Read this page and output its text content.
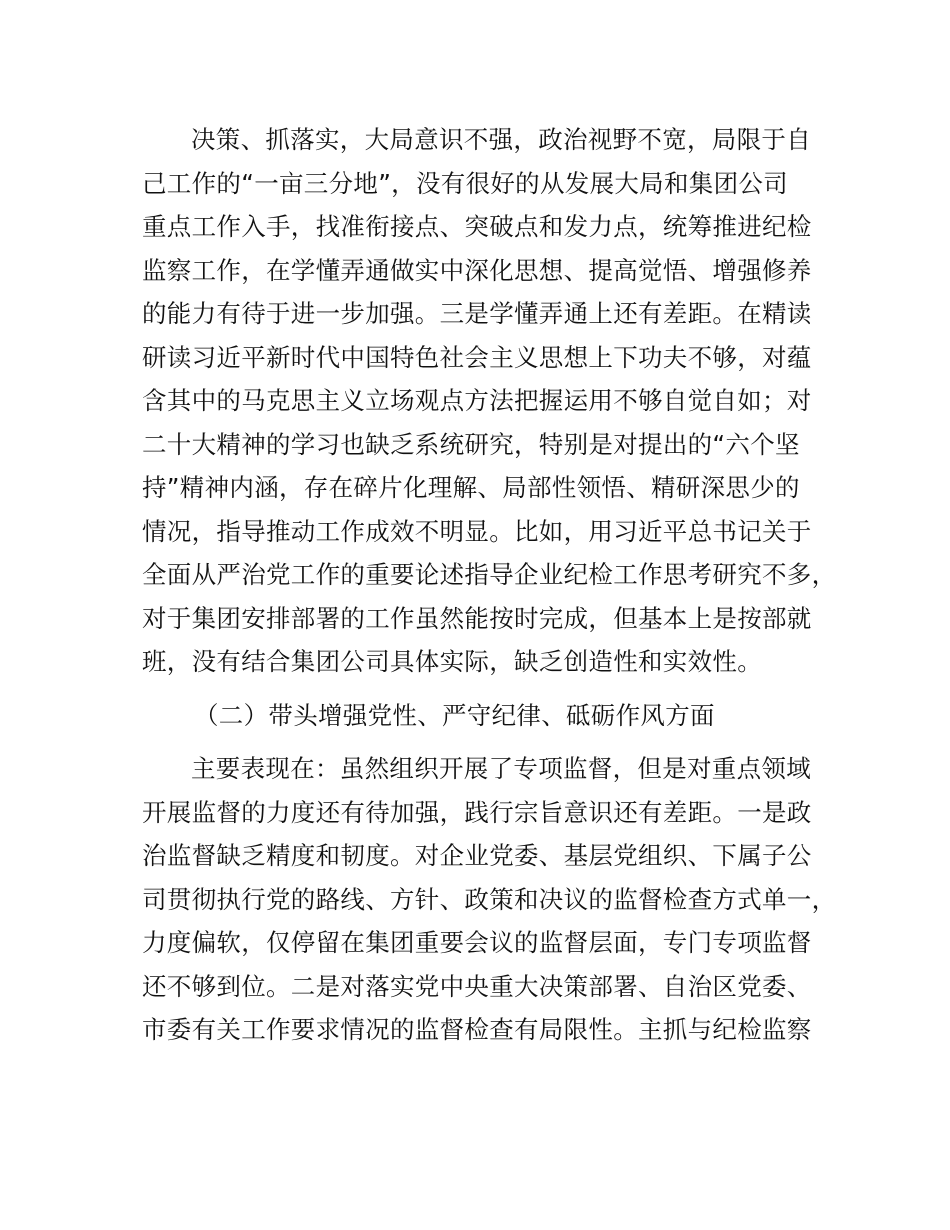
决策、抓落实，大局意识不强，政治视野不宽，局限于自
己工作的“一亩三分地”，没有很好的从发展大局和集团公司
重点工作入手，找准衔接点、突破点和发力点，统筹推进纪检
监察工作，在学懂弄通做实中深化思想、提高觉悟、增强修养
的能力有待于进一步加强。三是学懂弄通上还有差距。在精读
研读习近平新时代中国特色社会主义思想上下功夫不够，对蕴
含其中的马克思主义立场观点方法把握运用不够自觉自如；对
二十大精神的学习也缺乏系统研究，特别是对提出的“六个坚
持”精神内涵，存在碎片化理解、局部性领悟、精研深思少的
情况，指导推动工作成效不明显。比如，用习近平总书记关于
全面从严治党工作的重要论述指导企业纪检工作思考研究不多，
对于集团安排部署的工作虽然能按时完成，但基本上是按部就
班，没有结合集团公司具体实际，缺乏创造性和实效性。
（二）带头增强党性、严守纪律、砥砺作风方面
主要表现在：虽然组织开展了专项监督，但是对重点领域
开展监督的力度还有待加强，践行宗旨意识还有差距。一是政
治监督缺乏精度和韧度。对企业党委、基层党组织、下属子公
司贯彻执行党的路线、方针、政策和决议的监督检查方式单一，
力度偏软，仅停留在集团重要会议的监督层面，专门专项监督
还不够到位。二是对落实党中央重大决策部署、自治区党委、
市委有关工作要求情况的监督检查有局限性。主抓与纪检监察
